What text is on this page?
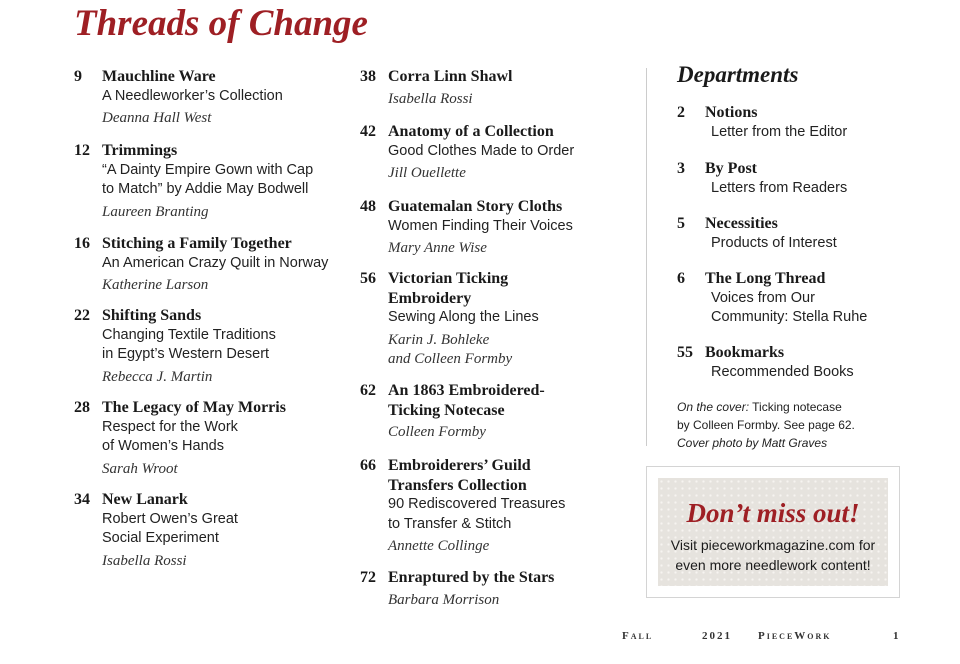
Threads of Change
9 Mauchline Ware
A Needleworker’s Collection
Deanna Hall West
12 Trimmings
“A Dainty Empire Gown with Cap
to Match” by Addie May Bodwell
Laureen Branting
16 Stitching a Family Together
An American Crazy Quilt in Norway
Katherine Larson
22 Shifting Sands
Changing Textile Traditions
in Egypt’s Western Desert
Rebecca J. Martin
28 The Legacy of May Morris
Respect for the Work
of Women’s Hands
Sarah Wroot
34 New Lanark
Robert Owen’s Great
Social Experiment
Isabella Rossi
38 Corra Linn Shawl
Isabella Rossi
42 Anatomy of a Collection
Good Clothes Made to Order
Jill Ouellette
48 Guatemalan Story Cloths
Women Finding Their Voices
Mary Anne Wise
56 Victorian Ticking
Embroidery
Sewing Along the Lines
Karin J. Bohleke
and Colleen Formby
62 An 1863 Embroidered-
Ticking Notecase
Colleen Formby
66 Embroiderers’ Guild
Transfers Collection
90 Rediscovered Treasures
to Transfer & Stitch
Annette Collinge
72 Enraptured by the Stars
Barbara Morrison
Departments
2 Notions
Letter from the Editor
3 By Post
Letters from Readers
5 Necessities
Products of Interest
6 The Long Thread
Voices from Our
Community: Stella Ruhe
55 Bookmarks
Recommended Books
On the cover: Ticking notecase
by Colleen Formby. See page 62.
Cover photo by Matt Graves
Don’t miss out!
Visit pieceworkmagazine.com for
even more needlework content!
Fall	2021 PieceWork	1
